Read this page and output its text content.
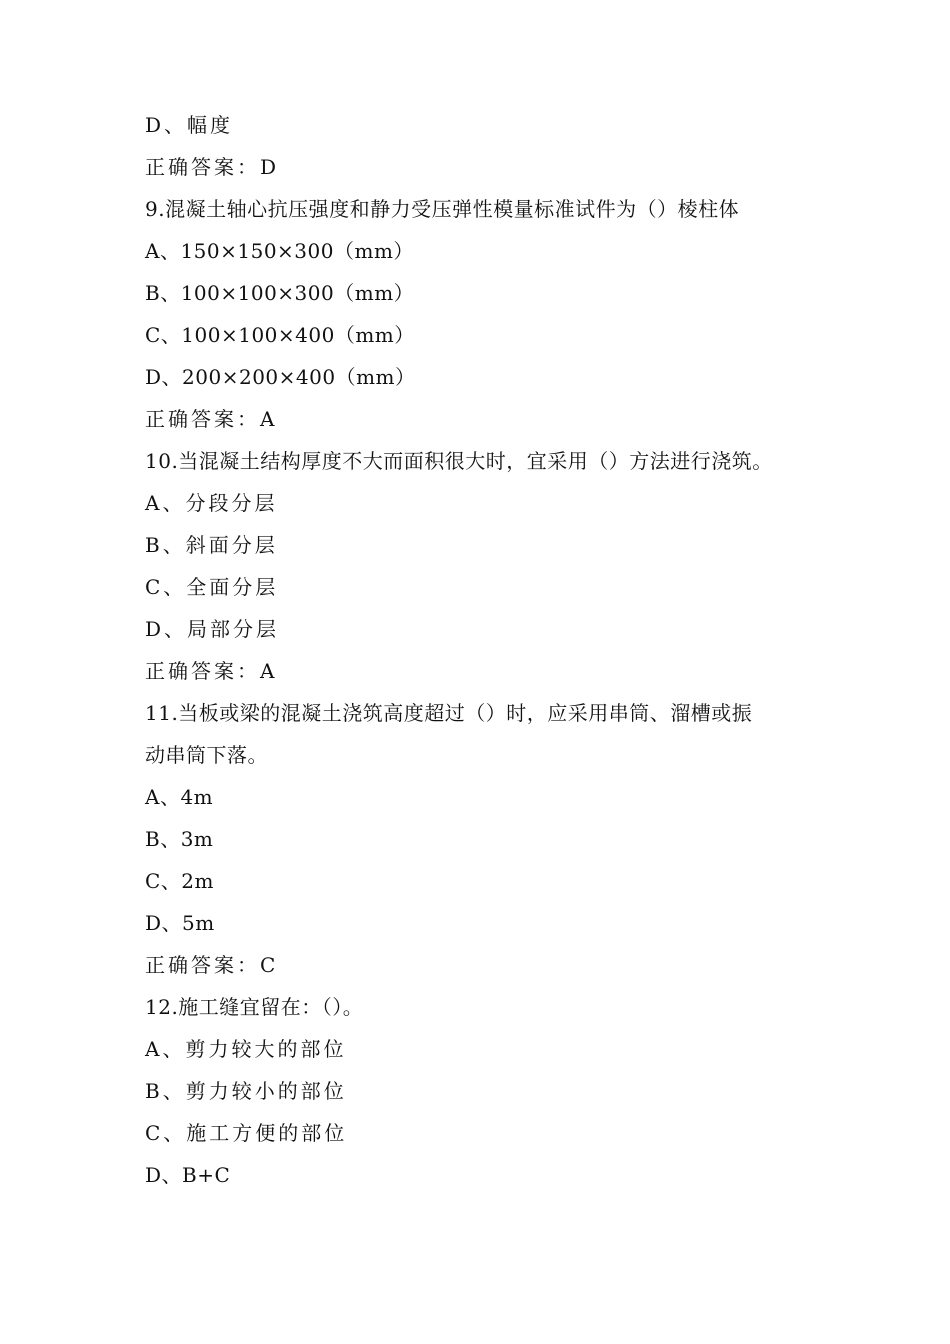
D、幅度
正确答案：D
9.混凝土轴心抗压强度和静力受压弹性模量标准试件为（）棱柱体
A、150×150×300（mm）
B、100×100×300（mm）
C、100×100×400（mm）
D、200×200×400（mm）
正确答案：A
10.当混凝土结构厚度不大而面积很大时，宜采用（）方法进行浇筑。
A、分段分层
B、斜面分层
C、全面分层
D、局部分层
正确答案：A
11.当板或梁的混凝土浇筑高度超过（）时，应采用串筒、溜槽或振
动串筒下落。
A、4m
B、3m
C、2m
D、5m
正确答案：C
12.施工缝宜留在：（）。
A、剪力较大的部位
B、剪力较小的部位
C、施工方便的部位
D、B+C
